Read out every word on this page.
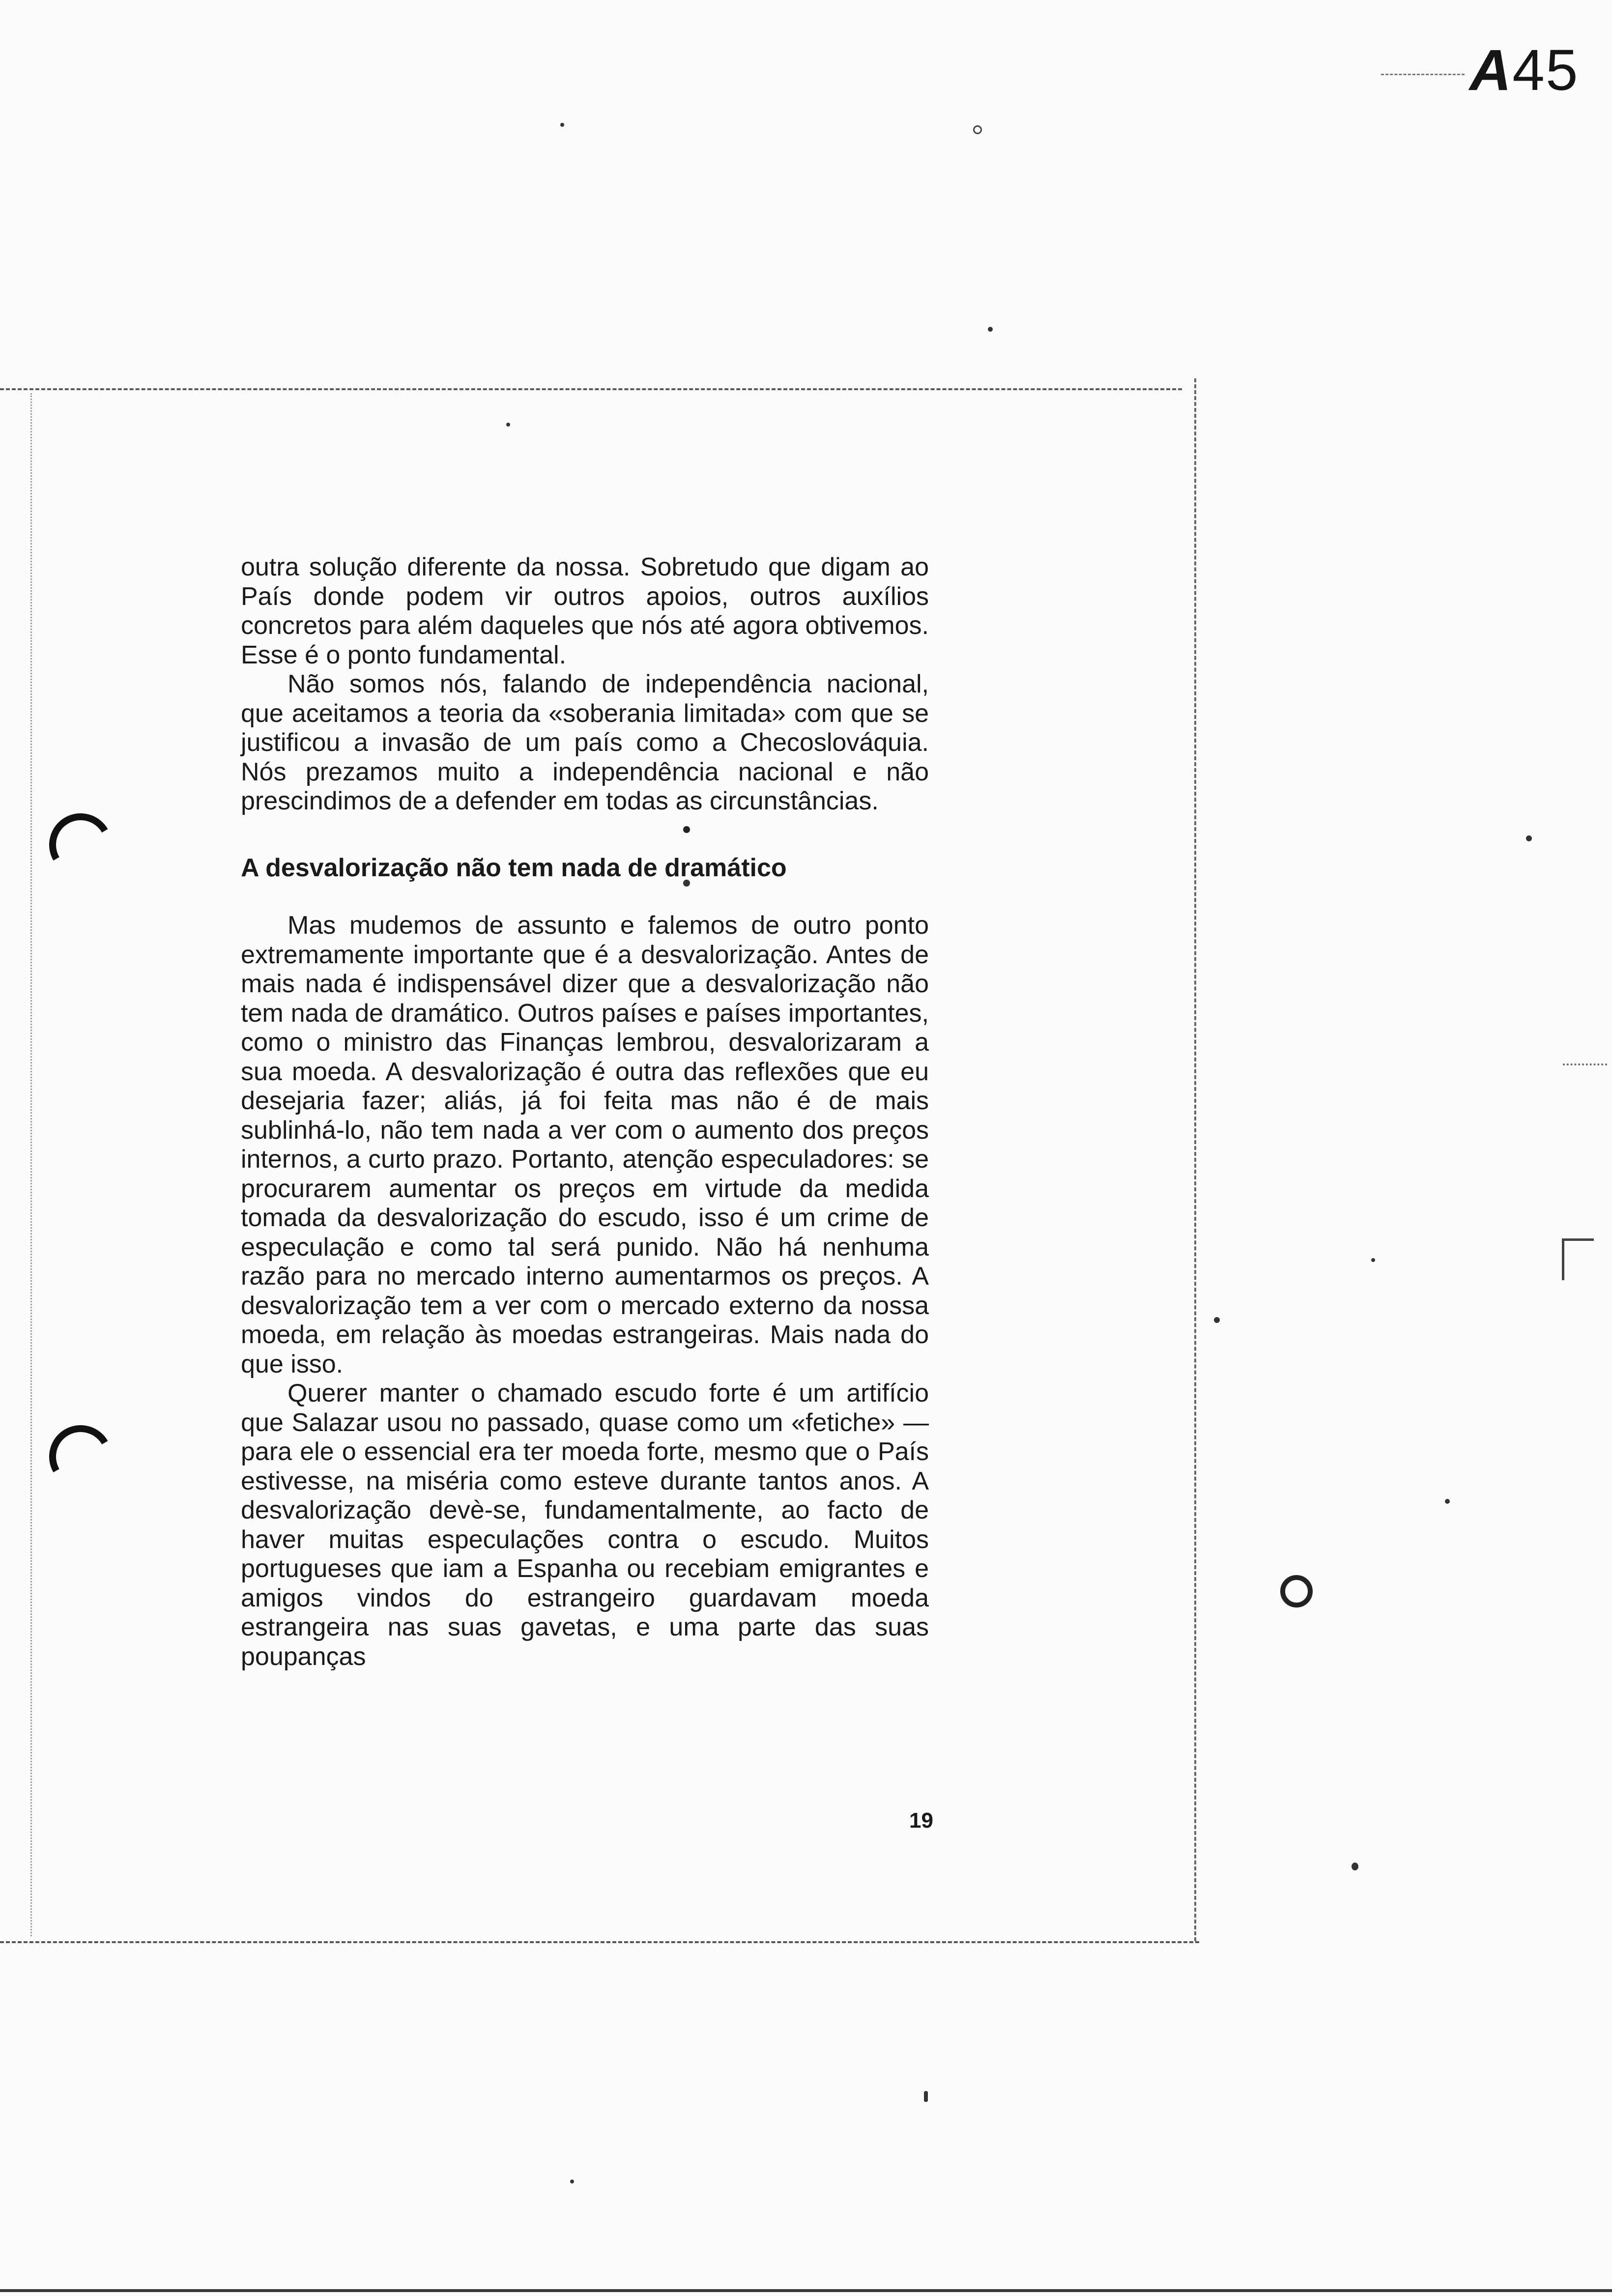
A45

outra solução diferente da nossa. Sobretudo que digam ao País donde podem vir outros apoios, outros auxílios concretos para além daqueles que nós até agora obtivemos. Esse é o ponto fundamental.

Não somos nós, falando de independência nacional, que aceitamos a teoria da «soberania limitada» com que se justificou a invasão de um país como a Checoslováquia. Nós prezamos muito a independência nacional e não prescindimos de a defender em todas as circunstâncias.

A desvalorização não tem nada de dramático

Mas mudemos de assunto e falemos de outro ponto extremamente importante que é a desvalorização. Antes de mais nada é indispensável dizer que a desvalorização não tem nada de dramático. Outros países e países importantes, como o ministro das Finanças lembrou, desvalorizaram a sua moeda. A desvalorização é outra das reflexões que eu desejaria fazer; aliás, já foi feita mas não é de mais sublinhá-lo, não tem nada a ver com o aumento dos preços internos, a curto prazo. Portanto, atenção especuladores: se procurarem aumentar os preços em virtude da medida tomada da desvalorização do escudo, isso é um crime de especulação e como tal será punido. Não há nenhuma razão para no mercado interno aumentarmos os preços. A desvalorização tem a ver com o mercado externo da nossa moeda, em relação às moedas estrangeiras. Mais nada do que isso.

Querer manter o chamado escudo forte é um artifício que Salazar usou no passado, quase como um «fetiche» — para ele o essencial era ter moeda forte, mesmo que o País estivesse, na miséria como esteve durante tantos anos. A desvalorização devè-se, fundamentalmente, ao facto de haver muitas especulações contra o escudo. Muitos portugueses que iam a Espanha ou recebiam emigrantes e amigos vindos do estrangeiro guardavam moeda estrangeira nas suas gavetas, e uma parte das suas poupanças

19
